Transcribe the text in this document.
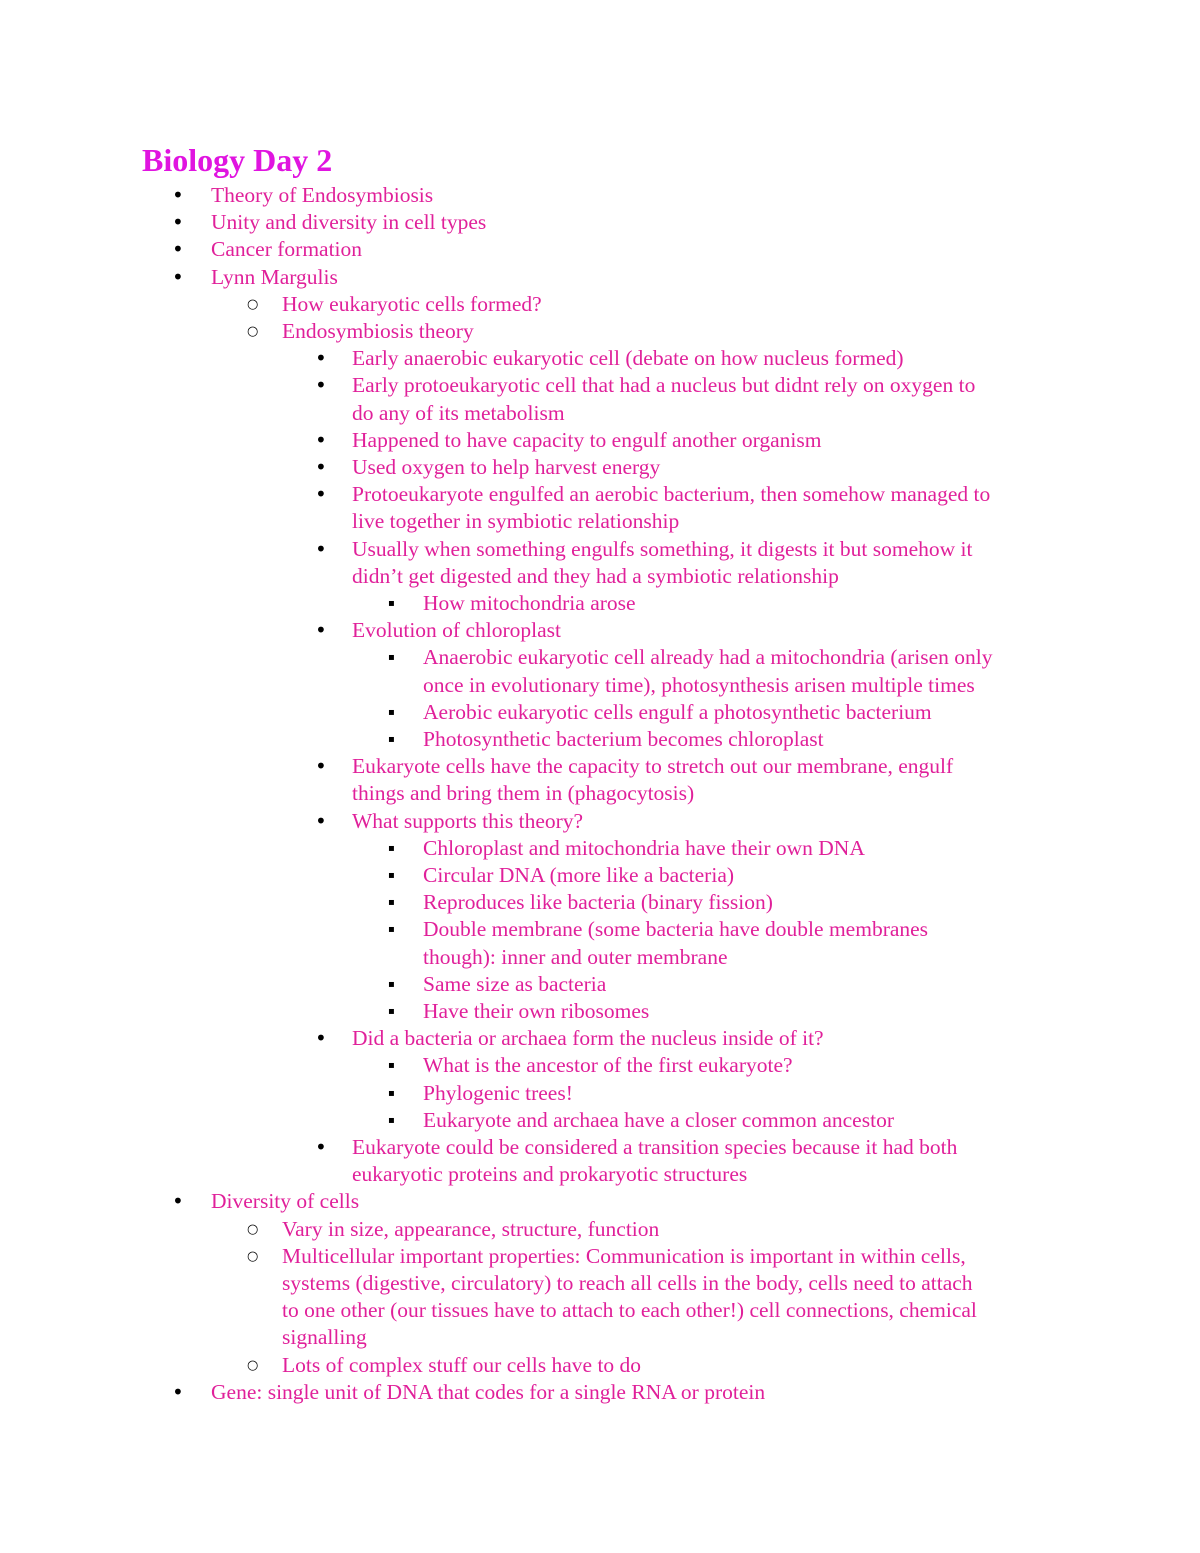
Biology Day 2
• Theory of Endosymbiosis
• Unity and diversity in cell types
• Cancer formation
• Lynn Margulis
○ How eukaryotic cells formed?
○ Endosymbiosis theory
• Early anaerobic eukaryotic cell (debate on how nucleus formed)
• Early protoeukaryotic cell that had a nucleus but didnt rely on oxygen to
do any of its metabolism
• Happened to have capacity to engulf another organism
• Used oxygen to help harvest energy
• Protoeukaryote engulfed an aerobic bacterium, then somehow managed to
live together in symbiotic relationship
• Usually when something engulfs something, it digests it but somehow it
didn’t get digested and they had a symbiotic relationship
▪ How mitochondria arose
• Evolution of chloroplast
▪ Anaerobic eukaryotic cell already had a mitochondria (arisen only
once in evolutionary time), photosynthesis arisen multiple times
▪ Aerobic eukaryotic cells engulf a photosynthetic bacterium
▪ Photosynthetic bacterium becomes chloroplast
• Eukaryote cells have the capacity to stretch out our membrane, engulf
things and bring them in (phagocytosis)
• What supports this theory?
▪ Chloroplast and mitochondria have their own DNA
▪ Circular DNA (more like a bacteria)
▪ Reproduces like bacteria (binary fission)
▪ Double membrane (some bacteria have double membranes
though): inner and outer membrane
▪ Same size as bacteria
▪ Have their own ribosomes
• Did a bacteria or archaea form the nucleus inside of it?
▪ What is the ancestor of the first eukaryote?
▪ Phylogenic trees!
▪ Eukaryote and archaea have a closer common ancestor
• Eukaryote could be considered a transition species because it had both
eukaryotic proteins and prokaryotic structures
• Diversity of cells
○ Vary in size, appearance, structure, function
○ Multicellular important properties: Communication is important in within cells,
systems (digestive, circulatory) to reach all cells in the body, cells need to attach
to one other (our tissues have to attach to each other!) cell connections, chemical
signalling
○ Lots of complex stuff our cells have to do
• Gene: single unit of DNA that codes for a single RNA or protein
